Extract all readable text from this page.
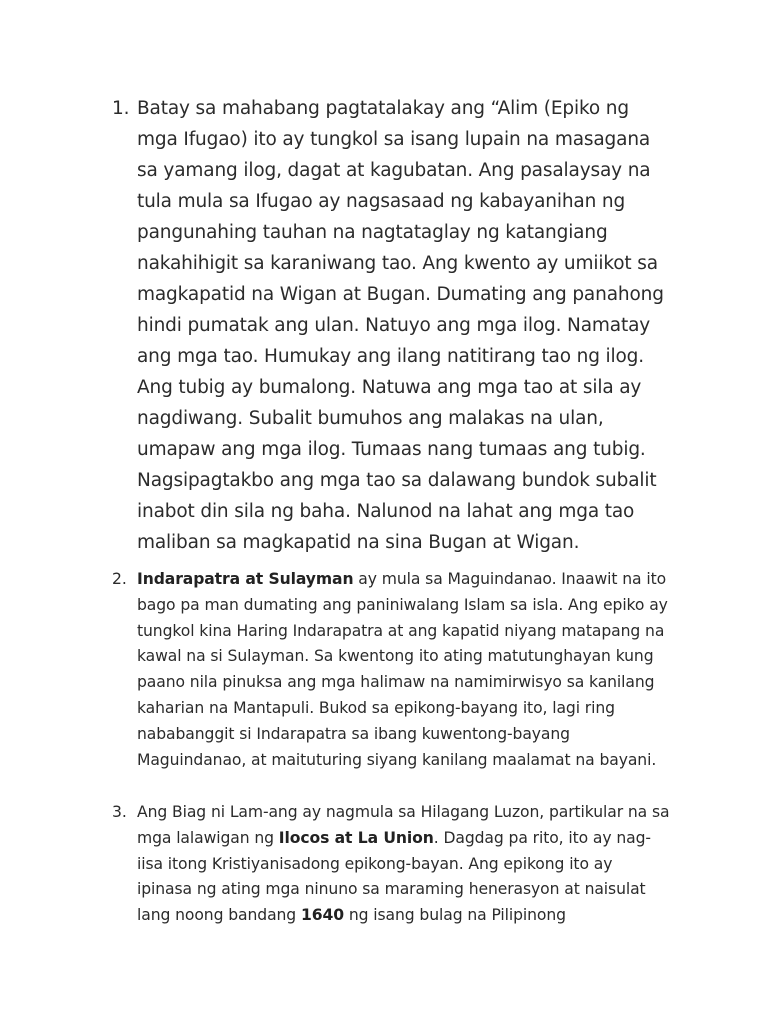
1. Batay sa mahabang pagtatalakay ang “Alim (Epiko ng mga Ifugao) ito ay tungkol sa isang lupain na masagana sa yamang ilog, dagat at kagubatan. Ang pasalaysay na tula mula sa Ifugao ay nagsasaad ng kabayanihan ng pangunahing tauhan na nagtataglay ng katangiang nakahihigit sa karaniwang tao. Ang kwento ay umiikot sa magkapatid na Wigan at Bugan. Dumating ang panahong hindi pumatak ang ulan. Natuyo ang mga ilog. Namatay ang mga tao. Humukay ang ilang natitirang tao ng ilog. Ang tubig ay bumalong. Natuwa ang mga tao at sila ay nagdiwang. Subalit bumuhos ang malakas na ulan, umapaw ang mga ilog. Tumaas nang tumaas ang tubig. Nagsipagtakbo ang mga tao sa dalawang bundok subalit inabot din sila ng baha. Nalunod na lahat ang mga tao maliban sa magkapatid na sina Bugan at Wigan.
2. Indarapatra at Sulayman ay mula sa Maguindanao. Inaawit na ito bago pa man dumating ang paniniwalang Islam sa isla. Ang epiko ay tungkol kina Haring Indarapatra at ang kapatid niyang matapang na kawal na si Sulayman. Sa kwentong ito ating matutunghayan kung paano nila pinuksa ang mga halimaw na namimirwisyo sa kanilang kaharian na Mantapuli. Bukod sa epikong-bayang ito, lagi ring nababanggit si Indarapatra sa ibang kuwentong-bayang Maguindanao, at maituturing siyang kanilang maalamat na bayani.
3. Ang Biag ni Lam-ang ay nagmula sa Hilagang Luzon, partikular na sa mga lalawigan ng Ilocos at La Union. Dagdag pa rito, ito ay nag-iisa itong Kristiyanisadong epikong-bayan. Ang epikong ito ay ipinasa ng ating mga ninuno sa maraming henerasyon at naisulat lang noong bandang 1640 ng isang bulag na Pilipinong
